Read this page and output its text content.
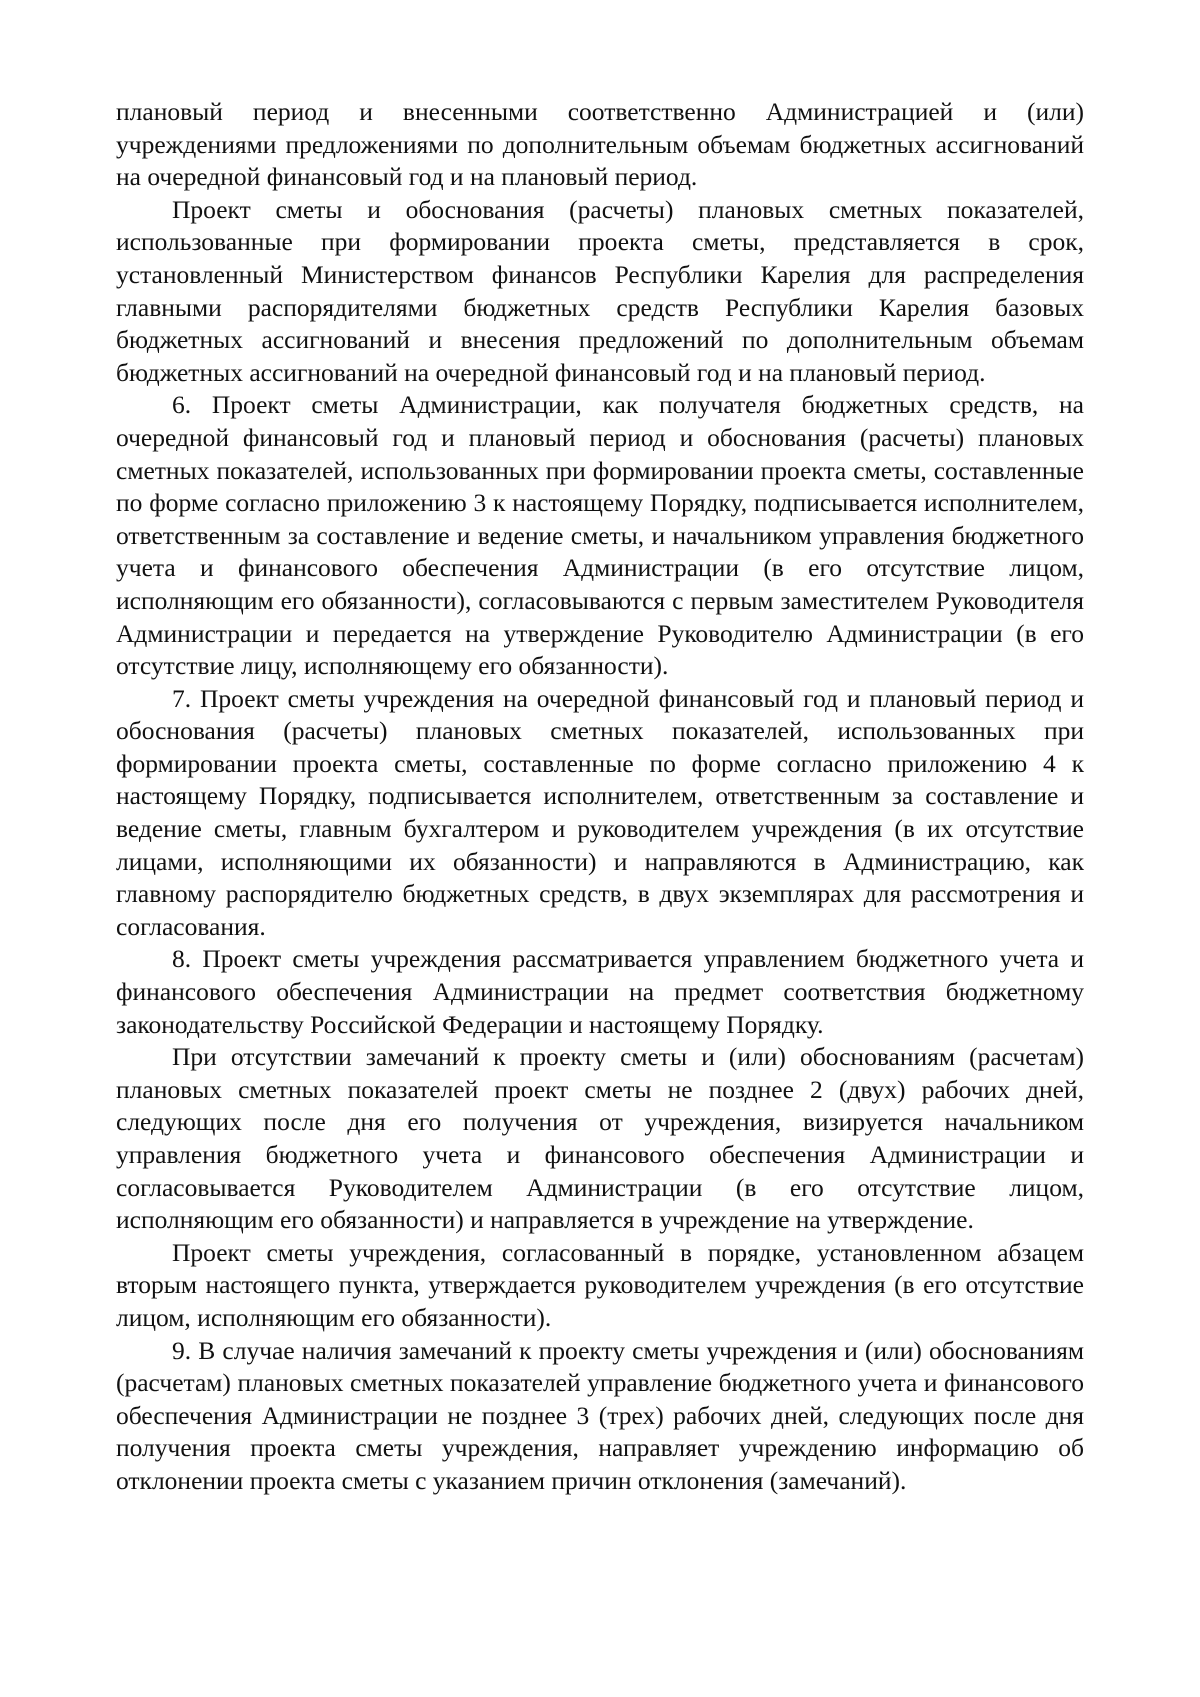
плановый период и внесенными соответственно Администрацией и (или) учреждениями предложениями по дополнительным объемам бюджетных ассигнований на очередной финансовый год и на плановый период.

Проект сметы и обоснования (расчеты) плановых сметных показателей, использованные при формировании проекта сметы, представляется в срок, установленный Министерством финансов Республики Карелия для распределения главными распорядителями бюджетных средств Республики Карелия базовых бюджетных ассигнований и внесения предложений по дополнительным объемам бюджетных ассигнований на очередной финансовый год и на плановый период.

6. Проект сметы Администрации, как получателя бюджетных средств, на очередной финансовый год и плановый период и обоснования (расчеты) плановых сметных показателей, использованных при формировании проекта сметы, составленные по форме согласно приложению 3 к настоящему Порядку, подписывается исполнителем, ответственным за составление и ведение сметы, и начальником управления бюджетного учета и финансового обеспечения Администрации (в его отсутствие лицом, исполняющим его обязанности), согласовываются с первым заместителем Руководителя Администрации и передается на утверждение Руководителю Администрации (в его отсутствие лицу, исполняющему его обязанности).

7. Проект сметы учреждения на очередной финансовый год и плановый период и обоснования (расчеты) плановых сметных показателей, использованных при формировании проекта сметы, составленные по форме согласно приложению 4 к настоящему Порядку, подписывается исполнителем, ответственным за составление и ведение сметы, главным бухгалтером и руководителем учреждения (в их отсутствие лицами, исполняющими их обязанности) и направляются в Администрацию, как главному распорядителю бюджетных средств, в двух экземплярах для рассмотрения и согласования.

8. Проект сметы учреждения рассматривается управлением бюджетного учета и финансового обеспечения Администрации на предмет соответствия бюджетному законодательству Российской Федерации и настоящему Порядку.

При отсутствии замечаний к проекту сметы и (или) обоснованиям (расчетам) плановых сметных показателей проект сметы не позднее 2 (двух) рабочих дней, следующих после дня его получения от учреждения, визируется начальником управления бюджетного учета и финансового обеспечения Администрации и согласовывается Руководителем Администрации (в его отсутствие лицом, исполняющим его обязанности) и направляется в учреждение на утверждение.

Проект сметы учреждения, согласованный в порядке, установленном абзацем вторым настоящего пункта, утверждается руководителем учреждения (в его отсутствие лицом, исполняющим его обязанности).

9. В случае наличия замечаний к проекту сметы учреждения и (или) обоснованиям (расчетам) плановых сметных показателей управление бюджетного учета и финансового обеспечения Администрации не позднее 3 (трех) рабочих дней, следующих после дня получения проекта сметы учреждения, направляет учреждению информацию об отклонении проекта сметы с указанием причин отклонения (замечаний).
